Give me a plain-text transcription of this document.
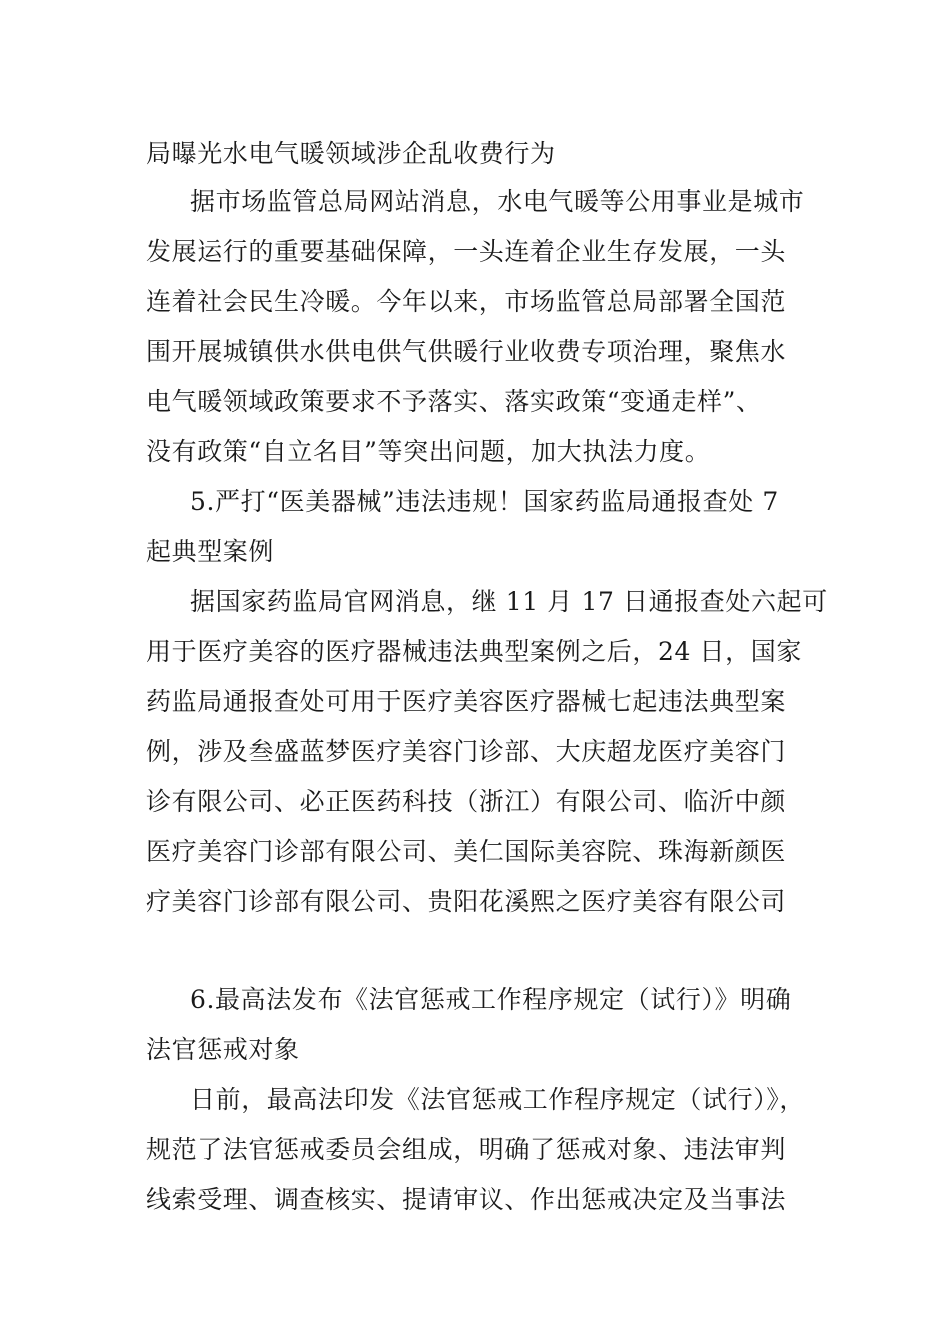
局曝光水电气暖领域涉企乱收费行为
据市场监管总局网站消息，水电气暖等公用事业是城市
发展运行的重要基础保障，一头连着企业生存发展，一头
连着社会民生冷暖。今年以来，市场监管总局部署全国范
围开展城镇供水供电供气供暖行业收费专项治理，聚焦水
电气暖领域政策要求不予落实、落实政策“变通走样”、
没有政策“自立名目”等突出问题，加大执法力度。
5.严打“医美器械”违法违规！国家药监局通报查处 7
起典型案例
据国家药监局官网消息，继 11 月 17 日通报查处六起可
用于医疗美容的医疗器械违法典型案例之后，24 日，国家
药监局通报查处可用于医疗美容医疗器械七起违法典型案
例，涉及叁盛蓝梦医疗美容门诊部、大庆超龙医疗美容门
诊有限公司、必正医药科技（浙江）有限公司、临沂中颜
医疗美容门诊部有限公司、美仁国际美容院、珠海新颜医
疗美容门诊部有限公司、贵阳花溪熙之医疗美容有限公司
6.最高法发布《法官惩戒工作程序规定（试行）》明确
法官惩戒对象
日前，最高法印发《法官惩戒工作程序规定（试行）》，
规范了法官惩戒委员会组成，明确了惩戒对象、违法审判
线索受理、调查核实、提请审议、作出惩戒决定及当事法
